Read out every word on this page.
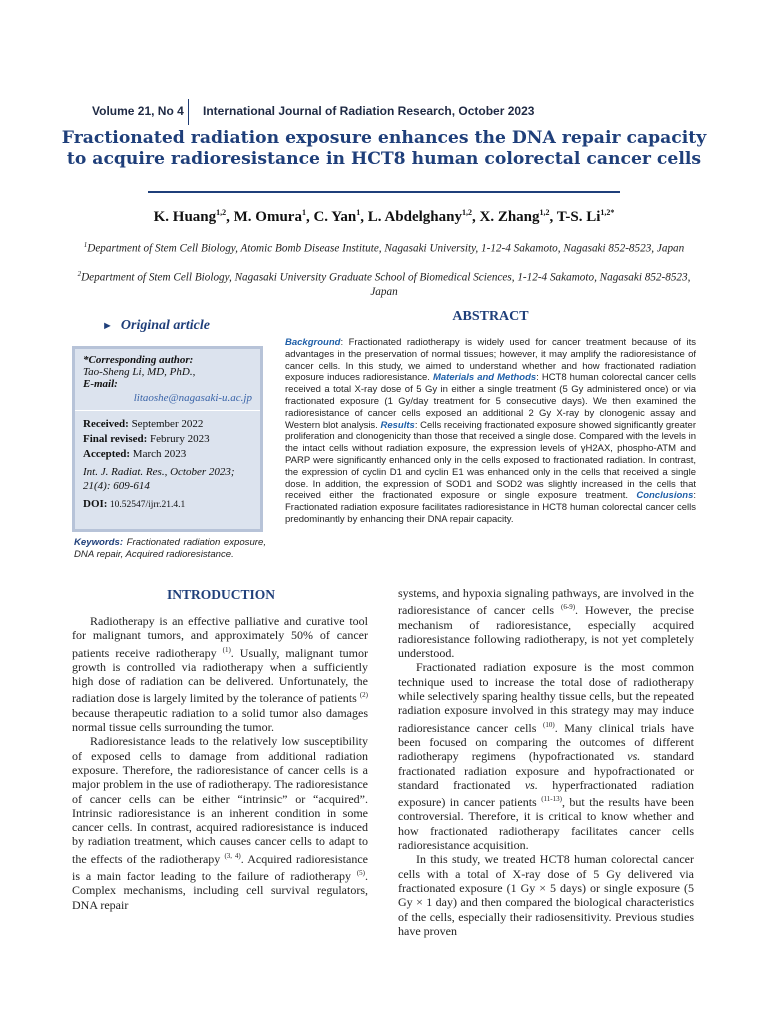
Volume 21, No 4 International Journal of Radiation Research, October 2023
Fractionated radiation exposure enhances the DNA repair capacity to acquire radioresistance in HCT8 human colorectal cancer cells
K. Huang$^{1,2}$, M. Omura$^1$, C. Yan$^1$, L. Abdelghany$^{1,2}$, X. Zhang$^{1,2}$, T-S. $Li^{1,2*}$
$^1$Department of Stem Cell Biology, Atomic Bomb Disease Institute, Nagasaki University, 1-12-4 Sakamoto, Nagasaki 852-8523, Japan
$^2$Department of Stem Cell Biology, Nagasaki University Graduate School of Biomedical Sciences, 1-12-4 Sakamoto, Nagasaki 852-8523, Japan
► Original article
*Corresponding author:
Tao-Sheng Li, MD, PhD.,
E-mail:
litaoshe@nagasaki-u.ac.jp
Received: September 2022
Final revised: Februry 2023
Accepted: March 2023
Int. J. Radiat. Res., October 2023; 21(4): 609-614
DOI: 10.52547/ijrr.21.4.1
Keywords: Fractionated radiation exposure, DNA repair, Acquired radioresistance.
ABSTRACT
Background: Fractionated radiotherapy is widely used for cancer treatment because of its advantages in the preservation of normal tissues; however, it may amplify the radioresistance of cancer cells. In this study, we aimed to understand whether and how fractionated radiation exposure induces radioresistance. Materials and Methods: HCT8 human colorectal cancer cells received a total X-ray dose of 5 Gy in either a single treatment (5 Gy administered once) or via fractionated exposure (1 Gy/day treatment for 5 consecutive days). We then examined the radioresistance of cancer cells exposed an additional 2 Gy X-ray by clonogenic assay and Western blot analysis. Results: Cells receiving fractionated exposure showed significantly greater proliferation and clonogenicity than those that received a single dose. Compared with the levels in the intact cells without radiation exposure, the expression levels of γH2AX, phospho-ATM and PARP were significantly enhanced only in the cells exposed to fractionated radiation. In contrast, the expression of cyclin D1 and cyclin E1 was enhanced only in the cells that received a single dose. In addition, the expression of SOD1 and SOD2 was slightly increased in the cells that received either the fractionated exposure or single exposure treatment. Conclusions: Fractionated radiation exposure facilitates radioresistance in HCT8 human colorectal cancer cells predominantly by enhancing their DNA repair capacity.
INTRODUCTION

Radiotherapy is an effective palliative and curative tool for malignant tumors, and approximately 50% of cancer patients receive radiotherapy $^{(1)}$. Usually, malignant tumor growth is controlled via radiotherapy when a sufficiently high dose of radiation can be delivered. Unfortunately, the radiation dose is largely limited by the tolerance of patients $^{(2)}$ because therapeutic radiation to a solid tumor also damages normal tissue cells surrounding the tumor.

Radioresistance leads to the relatively low susceptibility of exposed cells to damage from additional radiation exposure. Therefore, the radioresistance of cancer cells is a major problem in the use of radiotherapy. The radioresistance of cancer cells can be either “intrinsic” or “acquired”. Intrinsic radioresistance is an inherent condition in some cancer cells. In contrast, acquired radioresistance is induced by radiation treatment, which causes cancer cells to adapt to the effects of the radiotherapy $^{(3, 4)}$. Acquired radioresistance is a main factor leading to the failure of radiotherapy $^{(5)}$. Complex mechanisms, including cell survival regulators, DNA repair

systems, and hypoxia signaling pathways, are involved in the radioresistance of cancer cells $^{(6-9)}$. However, the precise mechanism of radioresistance, especially acquired radioresistance following radiotherapy, is not yet completely understood.

Fractionated radiation exposure is the most common technique used to increase the total dose of radiotherapy while selectively sparing healthy tissue cells, but the repeated radiation exposure involved in this strategy may may induce radioresistance cancer cells $^{(10)}$. Many clinical trials have been focused on comparing the outcomes of different radiotherapy regimens (hypofractionated vs. standard fractionated radiation exposure and hypofractionated or standard fractionated vs. hyperfractionated radiation exposure) in cancer patients $^{(11-13)}$, but the results have been controversial. Therefore, it is critical to know whether and how fractionated radiotherapy facilitates cancer cells radioresistance acquisition.

In this study, we treated HCT8 human colorectal cancer cells with a total of X-ray dose of 5 Gy delivered via fractionated exposure (1 Gy × 5 days) or single exposure (5 Gy × 1 day) and then compared the biological characteristics of the cells, especially their radiosensitivity. Previous studies have proven
